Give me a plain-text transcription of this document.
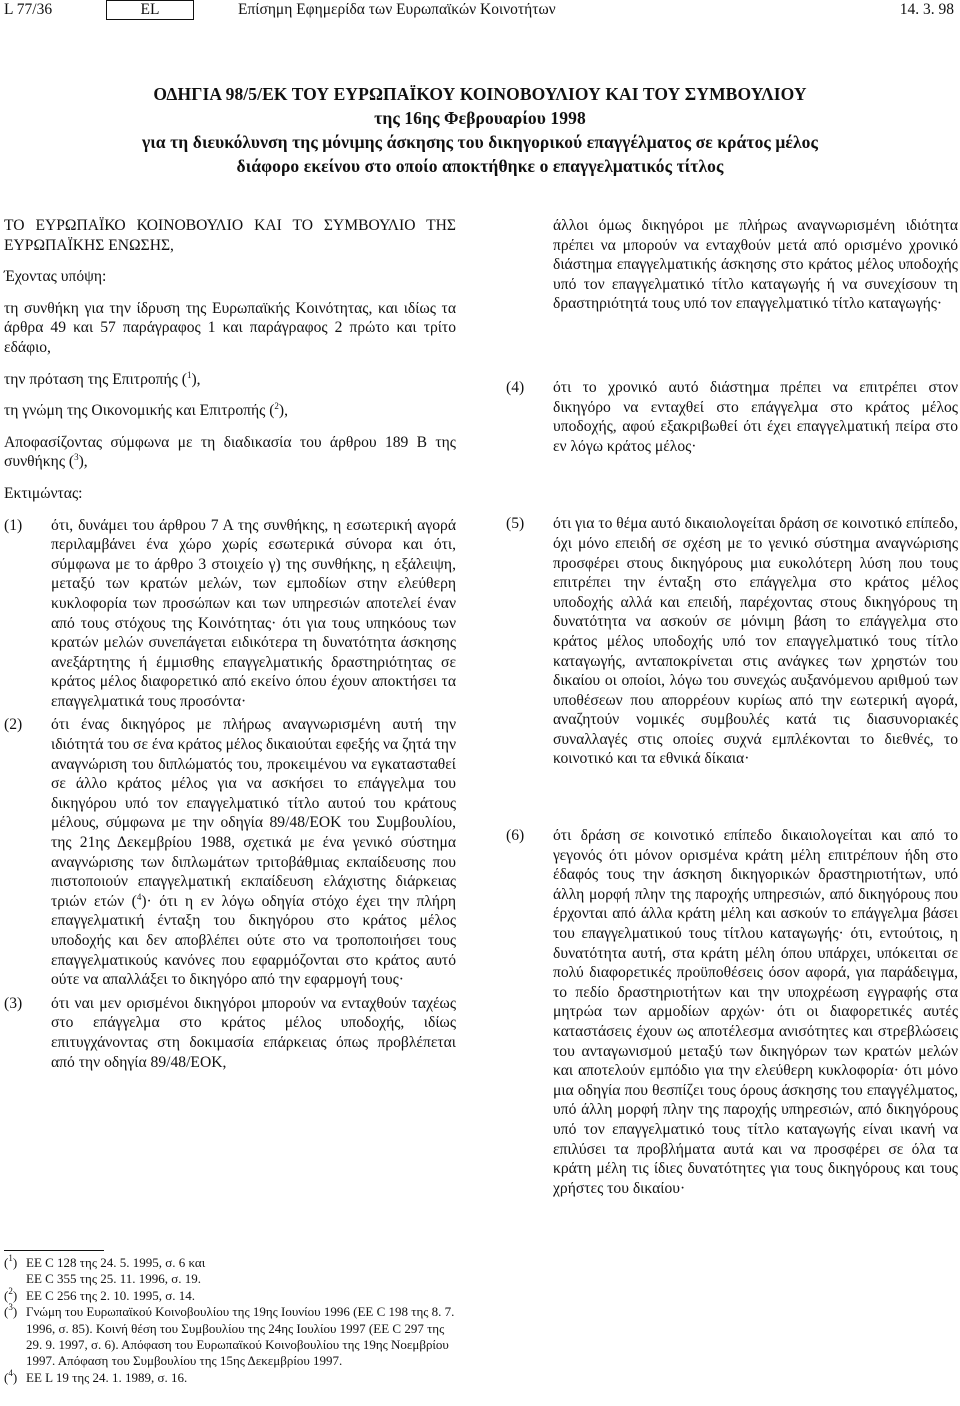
L 77/36	EL	Επίσημη Εφημερίδα των Ευρωπαϊκών Κοινοτήτων	14. 3. 98
ΟΔΗΓΙΑ 98/5/ΕΚ ΤΟΥ ΕΥΡΩΠΑΪΚΟΥ ΚΟΙΝΟΒΟΥΛΙΟΥ ΚΑΙ ΤΟΥ ΣΥΜΒΟΥΛΙΟΥ
της 16ης Φεβρουαρίου 1998
για τη διευκόλυνση της μόνιμης άσκησης του δικηγορικού επαγγέλματος σε κράτος μέλος
διάφορο εκείνου στο οποίο αποκτήθηκε ο επαγγελματικός τίτλος

ΤΟ ΕΥΡΩΠΑΪΚΟ ΚΟΙΝΟΒΟΥΛΙΟ ΚΑΙ ΤΟ ΣΥΜΒΟΥΛΙΟ ΤΗΣ ΕΥΡΩΠΑΪΚΗΣ ΕΝΩΣΗΣ,

Έχοντας υπόψη:

τη συνθήκη για την ίδρυση της Ευρωπαϊκής Κοινότητας, και ιδίως τα άρθρα 49 και 57 παράγραφος 1 και παράγραφος 2 πρώτο και τρίτο εδάφιο,

την πρόταση της Επιτροπής ($^1$),

τη γνώμη της Οικονομικής και Επιτροπής ($^2$),

Αποφασίζοντας σύμφωνα με τη διαδικασία του άρθρου 189 Β της συνθήκης ($^3$),

Εκτιμώντας:

(1)	ότι, δυνάμει του άρθρου 7 Α της συνθήκης, η εσωτερική αγορά περιλαμβάνει ένα χώρο χωρίς εσωτερικά σύνορα και ότι, σύμφωνα με το άρθρο 3 στοιχείο γ) της συνθήκης, η εξάλειψη, μεταξύ των κρατών μελών, των εμποδίων στην ελεύθερη κυκλοφορία των προσώπων και των υπηρεσιών αποτελεί έναν από τους στόχους της Κοινότητας· ότι για τους υπηκόους των κρατών μελών συνεπάγεται ειδικότερα τη δυνατότητα άσκησης ανεξάρτητης ή έμμισθης επαγγελματικής δραστηριότητας σε κράτος μέλος διαφορετικό από εκείνο όπου έχουν αποκτήσει τα επαγγελματικά τους προσόντα·
(2)	ότι ένας δικηγόρος με πλήρως αναγνωρισμένη αυτή την ιδιότητά του σε ένα κράτος μέλος δικαιούται εφεξής να ζητά την αναγνώριση του διπλώματός του, προκειμένου να εγκατασταθεί σε άλλο κράτος μέλος για να ασκήσει το επάγγελμα του δικηγόρου υπό τον επαγγελματικό τίτλο αυτού του κράτους μέλους, σύμφωνα με την οδηγία 89/48/ΕΟΚ του Συμβουλίου, της 21ης Δεκεμβρίου 1988, σχετικά με ένα γενικό σύστημα αναγνώρισης των διπλωμάτων τριτοβάθμιας εκπαίδευσης που πιστοποιούν επαγγελματική εκπαίδευση ελάχιστης διάρκειας τριών ετών ($^4$)· ότι η εν λόγω οδηγία στόχο έχει την πλήρη επαγγελματική ένταξη του δικηγόρου στο κράτος μέλος υποδοχής και δεν αποβλέπει ούτε στο να τροποποιήσει τους επαγγελματικούς κανόνες που εφαρμόζονται στο κράτος αυτό ούτε να απαλλάξει το δικηγόρο από την εφαρμογή τους·
(3)	ότι ναι μεν ορισμένοι δικηγόροι μπορούν να ενταχθούν ταχέως στο επάγγελμα στο κράτος μέλος υποδοχής, ιδίως επιτυγχάνοντας στη δοκιμασία επάρκειας όπως προβλέπεται από την οδηγία 89/48/ΕΟΚ,
άλλοι όμως δικηγόροι με πλήρως αναγνωρισμένη ιδιότητα πρέπει να μπορούν να ενταχθούν μετά από ορισμένο χρονικό διάστημα επαγγελματικής άσκησης στο κράτος μέλος υποδοχής υπό τον επαγγελματικό τίτλο καταγωγής ή να συνεχίσουν τη δραστηριότητά τους υπό τον επαγγελματικό τίτλο καταγωγής·
(4)	ότι το χρονικό αυτό διάστημα πρέπει να επιτρέπει στον δικηγόρο να ενταχθεί στο επάγγελμα στο κράτος μέλος υποδοχής, αφού εξακριβωθεί ότι έχει επαγγελματική πείρα στο εν λόγω κράτος μέλος·
(5)	ότι για το θέμα αυτό δικαιολογείται δράση σε κοινοτικό επίπεδο, όχι μόνο επειδή σε σχέση με το γενικό σύστημα αναγνώρισης προσφέρει στους δικηγόρους μια ευκολότερη λύση που τους επιτρέπει την ένταξη στο επάγγελμα στο κράτος μέλος υποδοχής αλλά και επειδή, παρέχοντας στους δικηγόρους τη δυνατότητα να ασκούν σε μόνιμη βάση το επάγγελμα στο κράτος μέλος υποδοχής υπό τον επαγγελματικό τους τίτλο καταγωγής, ανταποκρίνεται στις ανάγκες των χρηστών του δικαίου οι οποίοι, λόγω του συνεχώς αυξανόμενου αριθμού των υποθέσεων που απορρέουν κυρίως από την εωτερική αγορά, αναζητούν νομικές συμβουλές κατά τις διασυνοριακές συναλλαγές στις οποίες συχνά εμπλέκονται το διεθνές, το κοινοτικό και τα εθνικά δίκαια·
(6)	ότι δράση σε κοινοτικό επίπεδο δικαιολογείται και από το γεγονός ότι μόνον ορισμένα κράτη μέλη επιτρέπουν ήδη στο έδαφός τους την άσκηση δικηγορικών δραστηριοτήτων, υπό άλλη μορφή πλην της παροχής υπηρεσιών, από δικηγόρους που έρχονται από άλλα κράτη μέλη και ασκούν το επάγγελμα βάσει του επαγγελματικού τους τίτλου καταγωγής· ότι, εντούτοις, η δυνατότητα αυτή, στα κράτη μέλη όπου υπάρχει, υπόκειται σε πολύ διαφορετικές προϋποθέσεις όσον αφορά, για παράδειγμα, το πεδίο δραστηριοτήτων και την υποχρέωση εγγραφής στα μητρώα των αρμοδίων αρχών· ότι οι διαφορετικές αυτές καταστάσεις έχουν ως αποτέλεσμα ανισότητες και στρεβλώσεις του ανταγωνισμού μεταξύ των δικηγόρων των κρατών μελών και αποτελούν εμπόδιο για την ελεύθερη κυκλοφορία· ότι μόνο μια οδηγία που θεσπίζει τους όρους άσκησης του επαγγέλματος, υπό άλλη μορφή πλην της παροχής υπηρεσιών, από δικηγόρους υπό τον επαγγελματικό τους τίτλο καταγωγής είναι ικανή να επιλύσει τα προβλήματα αυτά και να προσφέρει σε όλα τα κράτη μέλη τις ίδιες δυνατότητες για τους δικηγόρους και τους χρήστες του δικαίου·
($^1$) ΕΕ C 128 της 24. 5. 1995, σ. 6 και
ΕΕ C 355 της 25. 11. 1996, σ. 19.
($^2$) ΕΕ C 256 της 2. 10. 1995, σ. 14.
($^3$) Γνώμη του Ευρωπαϊκού Κοινοβουλίου της 19ης Ιουνίου 1996 (ΕΕ C 198 της 8. 7. 1996, σ. 85). Κοινή θέση του Συμβουλίου της 24ης Ιουλίου 1997 (ΕΕ C 297 της 29. 9. 1997, σ. 6). Απόφαση του Ευρωπαϊκού Κοινοβουλίου της 19ης Νοεμβρίου 1997. Απόφαση του Συμβουλίου της 15ης Δεκεμβρίου 1997.
($^4$) ΕΕ L 19 της 24. 1. 1989, σ. 16.
